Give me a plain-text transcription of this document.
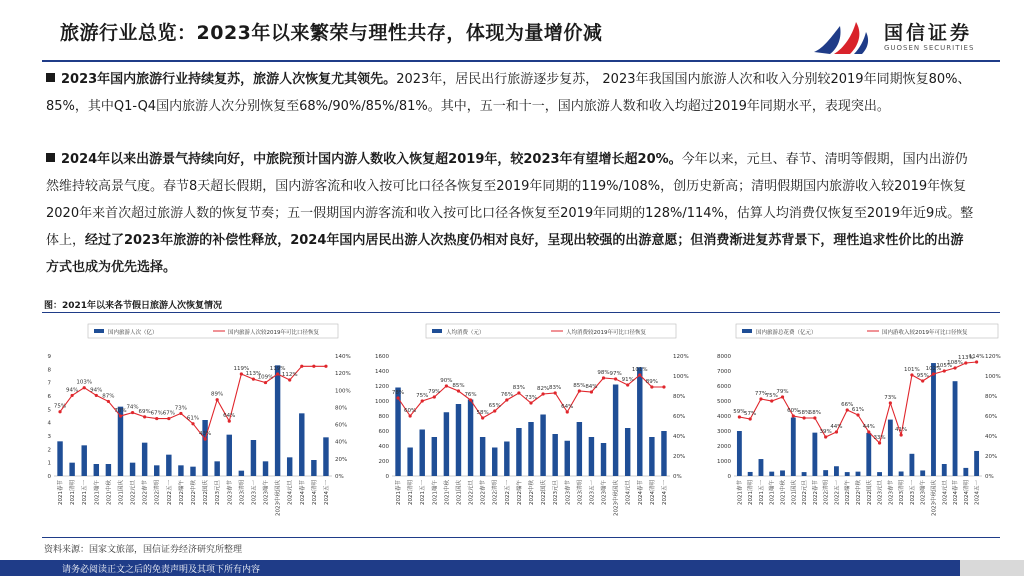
旅游行业总览：2023年以来繁荣与理性共存，体现为量增价减	国信证券
GUOSEN SECURITIES
2023年国内旅游行业持续复苏，旅游人次恢复尤其领先。2023年，居民出行旅游逐步复苏， 2023年我国国内旅游人次和收入分别较2019年同期恢复80%、85%，其中Q1-Q4国内旅游人次分别恢复至68%/90%/85%/81%。其中，五一和十一，国内旅游人数和收入均超过2019年同期水平，表现突出。
2024年以来出游景气持续向好，中旅院预计国内游人数收入恢复超2019年，较2023年有望增长超20%。今年以来，元旦、春节、清明等假期，国内出游仍然维持较高景气度。春节8天超长假期，国内游客流和收入按可比口径各恢复至2019年同期的119%/108%，创历史新高；清明假期国内旅游收入较2019年恢复2020年来首次超过旅游人数的恢复节奏；五一假期国内游客流和收入按可比口径各恢复至2019年同期的128%/114%，估算人均消费仅恢复至2019年近9成。整体上，经过了2023年旅游的补偿性释放，2024年国内居民出游人次热度仍相对良好，呈现出较强的出游意愿；但消费渐进复苏背景下，理性追求性价比的出游方式也成为优先选择。
图：2021年以来各节假日旅游人次恢复情况
国内旅游人次（亿）	国内旅游人次较2019年可比口径恢复
0
1
2
3
4
5
6
7
8
9
0%
20%
40%
60%
80%
100%
120%
140%
75%
94%
103%
94%
87%
70%
74%
69% 67% 67%
73%
61%
43%
89%
64%
119%
113%
109%
119%
112%
2021春节	2021清明 2021五一	2021端午	2021中秋	2021国庆	2022元旦	2022春节	2022清明 2022五一	2022端午	2022中秋	2022国庆	2023元旦	2023春节	2023清明 2023五一	2023端午	2023中秋国庆	2024元旦	2024春节	2024清明 2024五一
人均消费（元）	人均消费较2019年可比口径恢复
0
200
400
600
800
1000
1200
1400
1600
0%
20%
40%
60%
80%
100%
120%
78%
60%
75%
79%
90%
85%
76%
58%
65%
76%
83%
73%
82% 83%
64%
85% 84%
98% 97%
91%
101%
89%
2021春节	2021清明 2021五一	2021端午	2021中秋	2021国庆	2022元旦	2022春节	2022清明 2022五一	2022端午	2022中秋	2022国庆	2023元旦	2023春节	2023清明 2023五一	2023端午	2023中秋国庆	2024元旦	2024春节	2024清明 2024五一
国内旅游总花费（亿元）	国内游收入较2019年可比口径恢复
0
1000
2000
3000
4000
5000
6000
7000
8000
0%
20%
40%
60%
80%
100%
120%
59%
57%
77%
75%
79%
60%
58%
58%
39%
44%
66%
61%
44%
33%
73%
41%
101%
95%
102%
105%
108%
113%
114%
2021春节 2021清明 2021五一 2021端午 2021中秋 2021国庆 2022元旦 2022春节 2022清明 2022五一 2022端午 2022中秋 2022国庆 2023元旦 2023春节 2023清明 2023五一 2023端午 2023中秋国庆 2024元旦 2024春节 2024清明 2024五一
资料来源：国家文旅部，国信证券经济研究所整理
请务必阅读正文之后的免责声明及其项下所有内容
